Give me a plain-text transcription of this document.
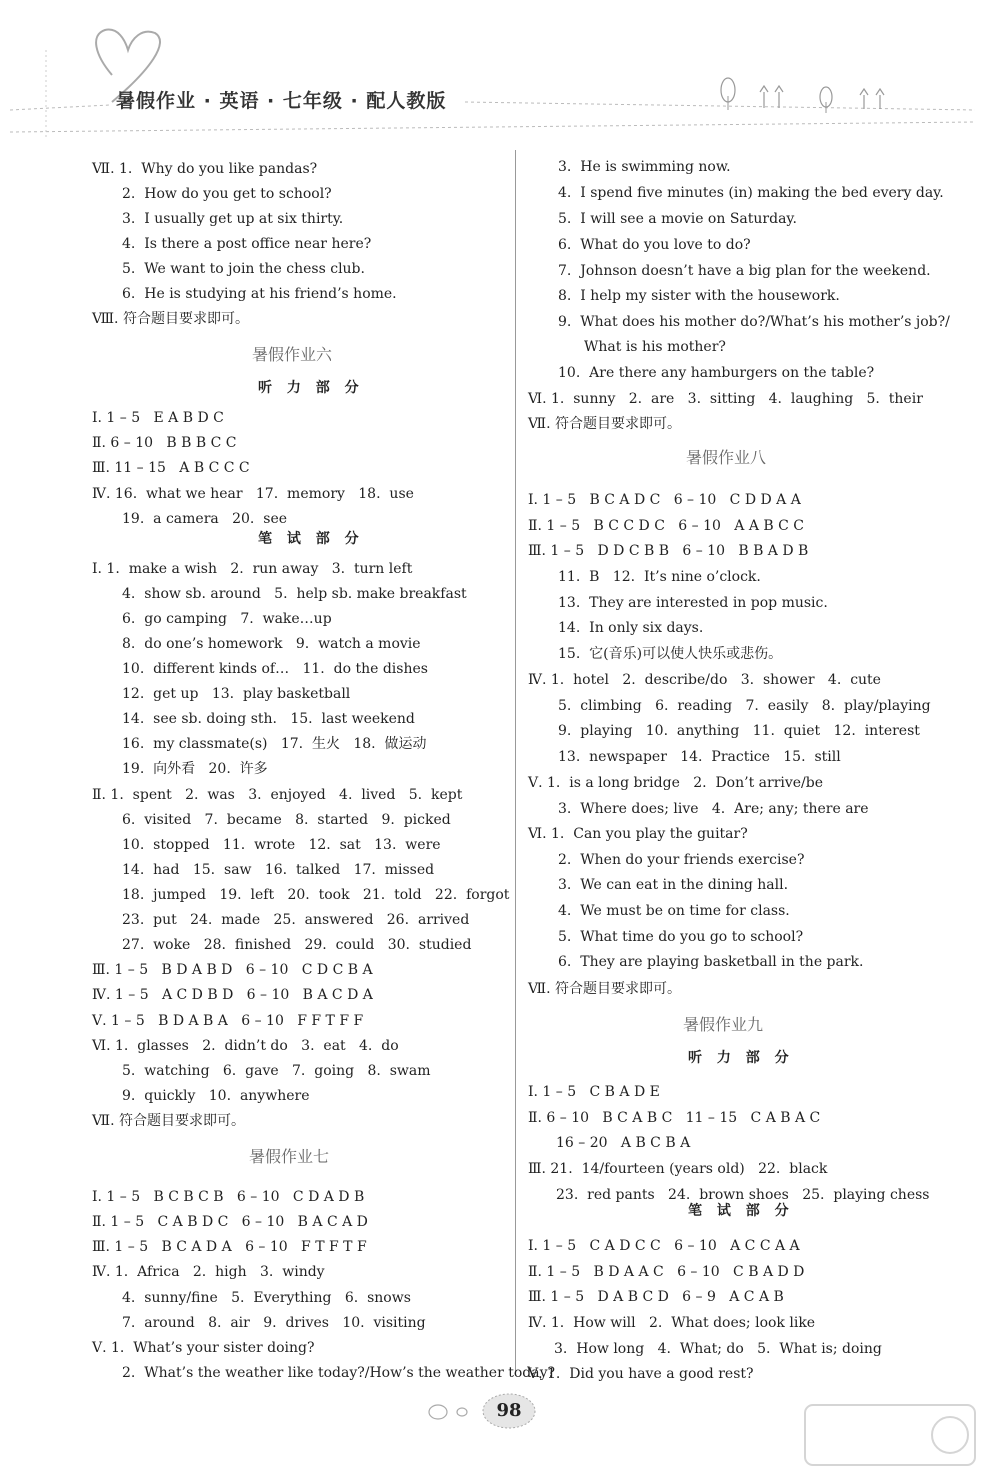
暑假作业 · 英语 · 七年级 · 配人教版
Ⅶ. 1.  Why do you like pandas?
2.  How do you get to school?
3.  I usually get up at six thirty.
4.  Is there a post office near here?
5.  We want to join the chess club.
6.  He is studying at his friend’s home.
Ⅷ. 符合题目要求即可。
Ⅰ. 1 – 5   E A B D C
Ⅱ. 6 – 10   B B B C C
Ⅲ. 11 – 15   A B C C C
Ⅳ. 16.  what we hear   17.  memory   18.  use
19.  a camera   20.  see
Ⅰ. 1.  make a wish   2.  run away   3.  turn left
4.  show sb. around   5.  help sb. make breakfast
6.  go camping   7.  wake…up
8.  do one’s homework   9.  watch a movie
10.  different kinds of…   11.  do the dishes
12.  get up   13.  play basketball
14.  see sb. doing sth.   15.  last weekend
16.  my classmate(s)   17.  生火   18.  做运动
19.  向外看   20.  许多
Ⅱ. 1.  spent   2.  was   3.  enjoyed   4.  lived   5.  kept
6.  visited   7.  became   8.  started   9.  picked
10.  stopped   11.  wrote   12.  sat   13.  were
14.  had   15.  saw   16.  talked   17.  missed
18.  jumped   19.  left   20.  took   21.  told   22.  forgot
23.  put   24.  made   25.  answered   26.  arrived
27.  woke   28.  finished   29.  could   30.  studied
Ⅲ. 1 – 5   B D A B D   6 – 10   C D C B A
Ⅳ. 1 – 5   A C D B D   6 – 10   B A C D A
Ⅴ. 1 – 5   B D A B A   6 – 10   F F T F F
Ⅵ. 1.  glasses   2.  didn’t do   3.  eat   4.  do
5.  watching   6.  gave   7.  going   8.  swam
9.  quickly   10.  anywhere
Ⅶ. 符合题目要求即可。
Ⅰ. 1 – 5   B C B C B   6 – 10   C D A D B
Ⅱ. 1 – 5   C A B D C   6 – 10   B A C A D
Ⅲ. 1 – 5   B C A D A   6 – 10   F T F T F
Ⅳ. 1.  Africa   2.  high   3.  windy
4.  sunny/fine   5.  Everything   6.  snows
7.  around   8.  air   9.  drives   10.  visiting
Ⅴ. 1.  What’s your sister doing?
2.  What’s the weather like today?/How’s the weather today?
暑假作业六
听 力 部 分
笔 试 部 分
暑假作业七
3.  He is swimming now.
4.  I spend five minutes (in) making the bed every day.
5.  I will see a movie on Saturday.
6.  What do you love to do?
7.  Johnson doesn’t have a big plan for the weekend.
8.  I help my sister with the housework.
9.  What does his mother do?/What’s his mother’s job?/
What is his mother?
10.  Are there any hamburgers on the table?
Ⅵ. 1.  sunny   2.  are   3.  sitting   4.  laughing   5.  their
Ⅶ. 符合题目要求即可。
Ⅰ. 1 – 5   B C A D C   6 – 10   C D D A A
Ⅱ. 1 – 5   B C C D C   6 – 10   A A B C C
Ⅲ. 1 – 5   D D C B B   6 – 10   B B A D B
11.  B   12.  It’s nine o’clock.
13.  They are interested in pop music.
14.  In only six days.
15.  它(音乐)可以使人快乐或悲伤。
Ⅳ. 1.  hotel   2.  describe/do   3.  shower   4.  cute
5.  climbing   6.  reading   7.  easily   8.  play/playing
9.  playing   10.  anything   11.  quiet   12.  interest
13.  newspaper   14.  Practice   15.  still
Ⅴ. 1.  is a long bridge   2.  Don’t arrive/be
3.  Where does; live   4.  Are; any; there are
Ⅵ. 1.  Can you play the guitar?
2.  When do your friends exercise?
3.  We can eat in the dining hall.
4.  We must be on time for class.
5.  What time do you go to school?
6.  They are playing basketball in the park.
Ⅶ. 符合题目要求即可。
Ⅰ. 1 – 5   C B A D E
Ⅱ. 6 – 10   B C A B C   11 – 15   C A B A C
16 – 20   A B C B A
Ⅲ. 21.  14/fourteen (years old)   22.  black
23.  red pants   24.  brown shoes   25.  playing chess
Ⅰ. 1 – 5   C A D C C   6 – 10   A C C A A
Ⅱ. 1 – 5   B D A A C   6 – 10   C B A D D
Ⅲ. 1 – 5   D A B C D   6 – 9   A C A B
Ⅳ. 1.  How will   2.  What does; look like
3.  How long   4.  What; do   5.  What is; doing
Ⅴ. 1.  Did you have a good rest?
暑假作业八
暑假作业九
听 力 部 分
笔 试 部 分
98
